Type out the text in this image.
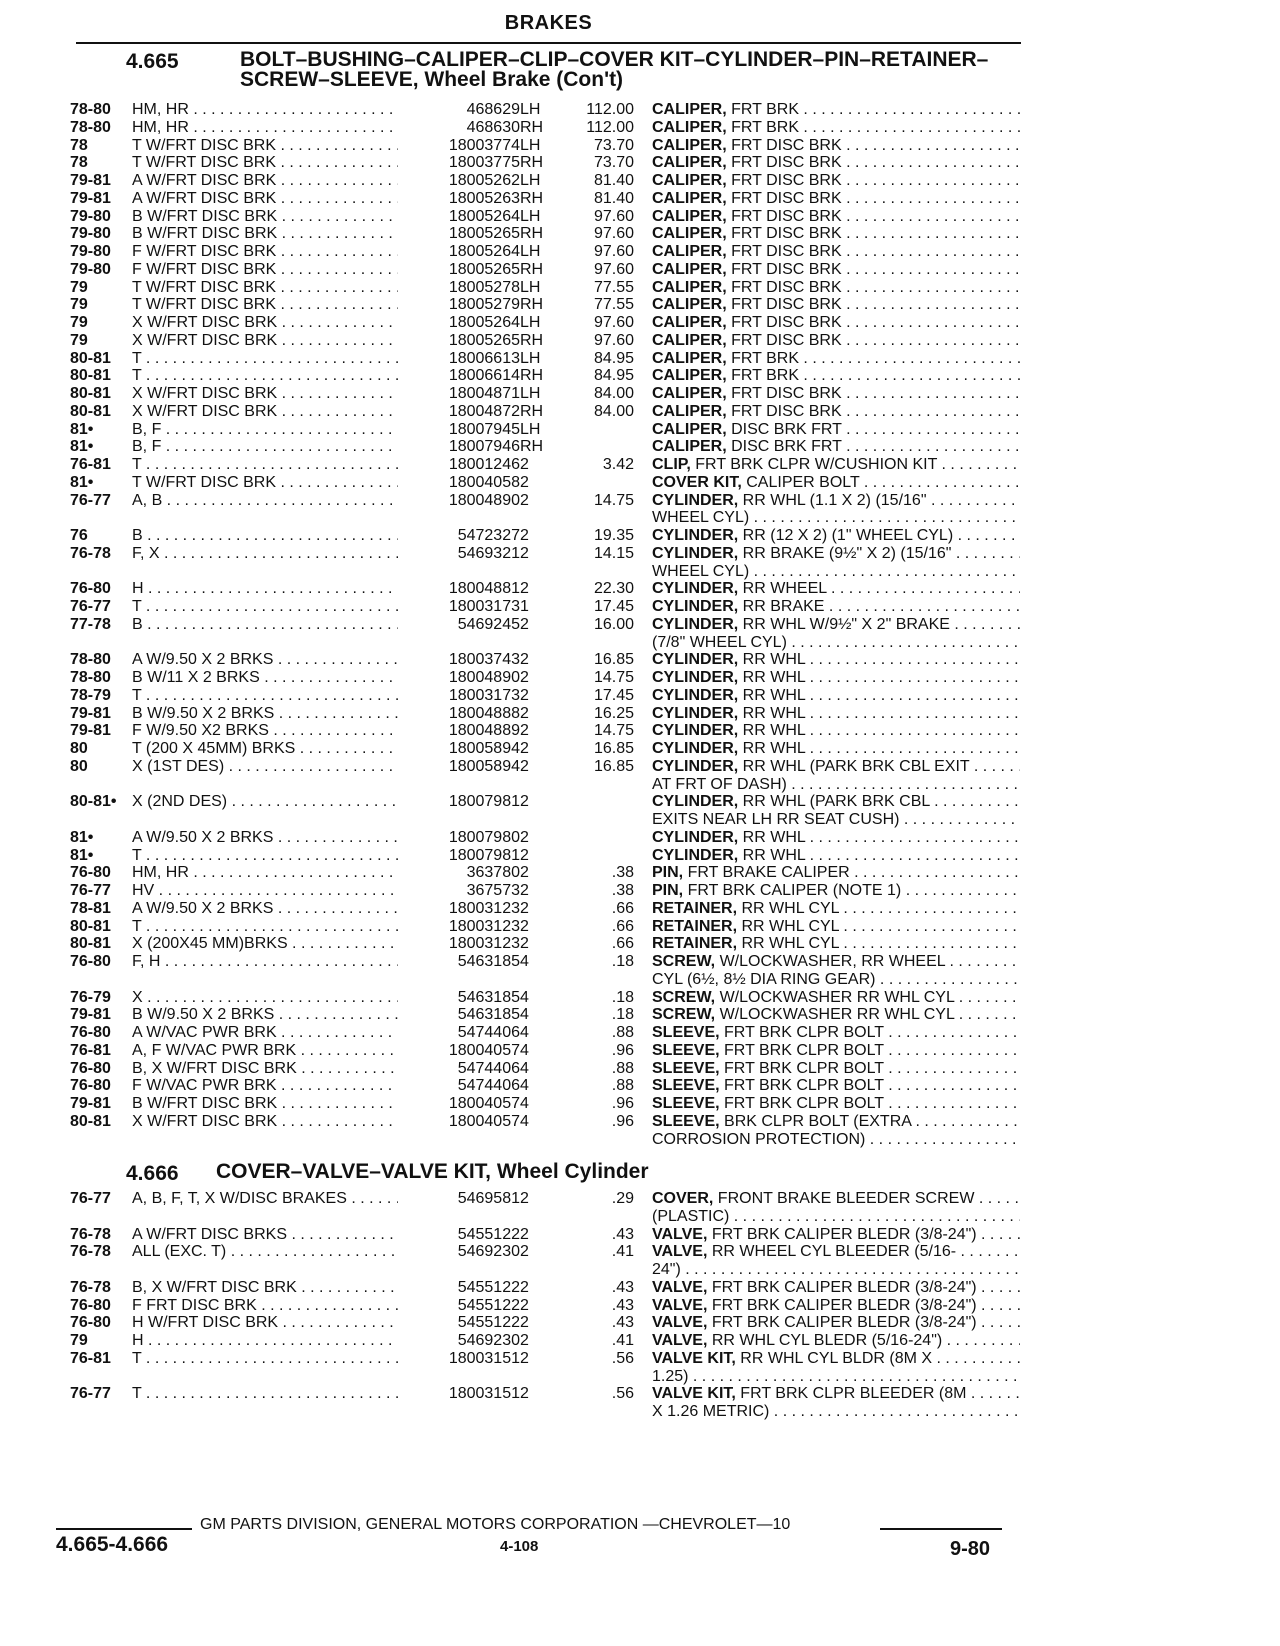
BRAKES
4.665	BOLT–BUSHING–CALIPER–CLIP–COVER KIT–CYLINDER–PIN–RETAINER–
SCREW–SLEEVE, Wheel Brake (Con't)
78-80	HM, HR . . .	468629 LH	112.00 CALIPER, FRT BRK . . .
78-80	HM, HR . . .	468630 RH	112.00 CALIPER, FRT BRK . . .
78	T W/FRT DISC BRK . . .	18003774 LH	73.70 CALIPER, FRT DISC BRK . . .
78	T W/FRT DISC BRK . . .	18003775 RH	73.70 CALIPER, FRT DISC BRK . . .
79-81	A W/FRT DISC BRK . . .	18005262 LH	81.40 CALIPER, FRT DISC BRK . . .
79-81	A W/FRT DISC BRK . . .	18005263 RH	81.40 CALIPER, FRT DISC BRK . . .
79-80	B W/FRT DISC BRK . . .	18005264 LH	97.60 CALIPER, FRT DISC BRK . . .
79-80	B W/FRT DISC BRK . . .	18005265 RH	97.60 CALIPER, FRT DISC BRK . . .
79-80	F W/FRT DISC BRK . . .	18005264 LH	97.60 CALIPER, FRT DISC BRK . . .
79-80	F W/FRT DISC BRK . . .	18005265 RH	97.60 CALIPER, FRT DISC BRK . . .
79	T W/FRT DISC BRK . . .	18005278 LH	77.55 CALIPER, FRT DISC BRK . . .
79	T W/FRT DISC BRK . . .	18005279 RH	77.55 CALIPER, FRT DISC BRK . . .
79	X W/FRT DISC BRK . . .	18005264 LH	97.60 CALIPER, FRT DISC BRK . . .
79	X W/FRT DISC BRK . . .	18005265 RH	97.60 CALIPER, FRT DISC BRK . . .
80-81	T . . .	18006613 LH	84.95 CALIPER, FRT BRK . . .
80-81	T . . .	18006614 RH	84.95 CALIPER, FRT BRK . . .
80-81	X W/FRT DISC BRK . . .	18004871 LH	84.00 CALIPER, FRT DISC BRK . . .
80-81	X W/FRT DISC BRK . . .	18004872 RH	84.00 CALIPER, FRT DISC BRK . . .
81•	B, F . . .	18007945 LH	CALIPER, DISC BRK FRT . . .
81•	B, F . . .	18007946 RH	CALIPER, DISC BRK FRT . . .
76-81	T . . .	18001246 2	3.42 CLIP, FRT BRK CLPR W/CUSHION KIT . . .
81•	T W/FRT DISC BRK . . .	18004058 2	COVER KIT, CALIPER BOLT . . .
76-77	A, B . . .	18004890 2	14.75 CYLINDER, RR WHL (1.1 X 2) (15/16" . . .
WHEEL CYL) . . .
76	B . . .	5472327 2	19.35 CYLINDER, RR (12 X 2) (1" WHEEL CYL) . . .
76-78	F, X . . .	5469321 2	14.15 CYLINDER, RR BRAKE (9½" X 2) (15/16" . . .
WHEEL CYL) . . .
76-80	H . . .	18004881 2	22.30 CYLINDER, RR WHEEL . . .
76-77	T . . .	18003173 1	17.45 CYLINDER, RR BRAKE . . .
77-78	B . . .	5469245 2	16.00 CYLINDER, RR WHL W/9½" X 2" BRAKE . . .
(7/8" WHEEL CYL) . . .
78-80	A W/9.50 X 2 BRKS . . .	18003743 2	16.85 CYLINDER, RR WHL . . .
78-80	B W/11 X 2 BRKS . . .	18004890 2	14.75 CYLINDER, RR WHL . . .
78-79	T . . .	18003173 2	17.45 CYLINDER, RR WHL . . .
79-81	B W/9.50 X 2 BRKS . . .	18004888 2	16.25 CYLINDER, RR WHL . . .
79-81	F W/9.50 X2 BRKS . . .	18004889 2	14.75 CYLINDER, RR WHL . . .
80	T (200 X 45MM) BRKS . . .	18005894 2	16.85 CYLINDER, RR WHL . . .
80	X (1ST DES) . . .	18005894 2	16.85 CYLINDER, RR WHL (PARK BRK CBL EXIT . . .
AT FRT OF DASH) . . .
80-81• X (2ND DES) . . .	18007981 2	CYLINDER, RR WHL (PARK BRK CBL . . .
EXITS NEAR LH RR SEAT CUSH) . . .
81•	A W/9.50 X 2 BRKS . . .	18007980 2	CYLINDER, RR WHL . . .
81•	T . . .	18007981 2	CYLINDER, RR WHL . . .
76-80	HM, HR . . .	363780 2	.38 PIN, FRT BRAKE CALIPER . . .
76-77	HV . . .	367573 2	.38 PIN, FRT BRK CALIPER (NOTE 1) . . .
78-81	A W/9.50 X 2 BRKS . . .	18003123 2	.66 RETAINER, RR WHL CYL . . .
80-81	T . . .	18003123 2	.66 RETAINER, RR WHL CYL . . .
80-81	X (200X45 MM)BRKS . . .	18003123 2	.66 RETAINER, RR WHL CYL . . .
76-80	F, H . . .	5463185 4	.18 SCREW, W/LOCKWASHER, RR WHEEL . . .
CYL (6½, 8½ DIA RING GEAR) . . .
76-79	X . . .	5463185 4	.18 SCREW, W/LOCKWASHER RR WHL CYL . . .
79-81	B W/9.50 X 2 BRKS . . .	5463185 4	.18 SCREW, W/LOCKWASHER RR WHL CYL . . .
76-80	A W/VAC PWR BRK . . .	5474406 4	.88 SLEEVE, FRT BRK CLPR BOLT . . .
76-81	A, F W/VAC PWR BRK . . .	18004057 4	.96 SLEEVE, FRT BRK CLPR BOLT . . .
76-80	B, X W/FRT DISC BRK . . .	5474406 4	.88 SLEEVE, FRT BRK CLPR BOLT . . .
76-80	F W/VAC PWR BRK . . .	5474406 4	.88 SLEEVE, FRT BRK CLPR BOLT . . .
79-81	B W/FRT DISC BRK . . .	18004057 4	.96 SLEEVE, FRT BRK CLPR BOLT . . .
80-81	X W/FRT DISC BRK . . .	18004057 4	.96 SLEEVE, BRK CLPR BOLT (EXTRA . . .
CORROSION PROTECTION) . . .
4.666 COVER–VALVE–VALVE KIT, Wheel Cylinder
76-77	A, B, F, T, X W/DISC BRAKES . . .	5469581 2	.29 COVER, FRONT BRAKE BLEEDER SCREW . . .
(PLASTIC) . . .
76-78	A W/FRT DISC BRKS . . .	5455122 2	.43 VALVE, FRT BRK CALIPER BLEDR (3/8-24") . . .
76-78	ALL (EXC. T) . . .	5469230 2	.41 VALVE, RR WHEEL CYL BLEEDER (5/16- . . .
24") . . .
76-78	B, X W/FRT DISC BRK . . .	5455122 2	.43 VALVE, FRT BRK CALIPER BLEDR (3/8-24") . . .
76-80	F FRT DISC BRK . . .	5455122 2	.43 VALVE, FRT BRK CALIPER BLEDR (3/8-24") . . .
76-80	H W/FRT DISC BRK . . .	5455122 2	.43 VALVE, FRT BRK CALIPER BLEDR (3/8-24") . . .
79	H . . .	5469230 2	.41 VALVE, RR WHL CYL BLEDR (5/16-24") . . .
76-81	T . . .	18003151 2	.56 VALVE KIT, RR WHL CYL BLDR (8M X . . .
1.25) . . .
76-77	T . . .	18003151 2	.56 VALVE KIT, FRT BRK CLPR BLEEDER (8M . . .
X 1.26 METRIC) . . .
GM PARTS DIVISION, GENERAL MOTORS CORPORATION —CHEVROLET—10
4.665-4.666	4-108	9-80
